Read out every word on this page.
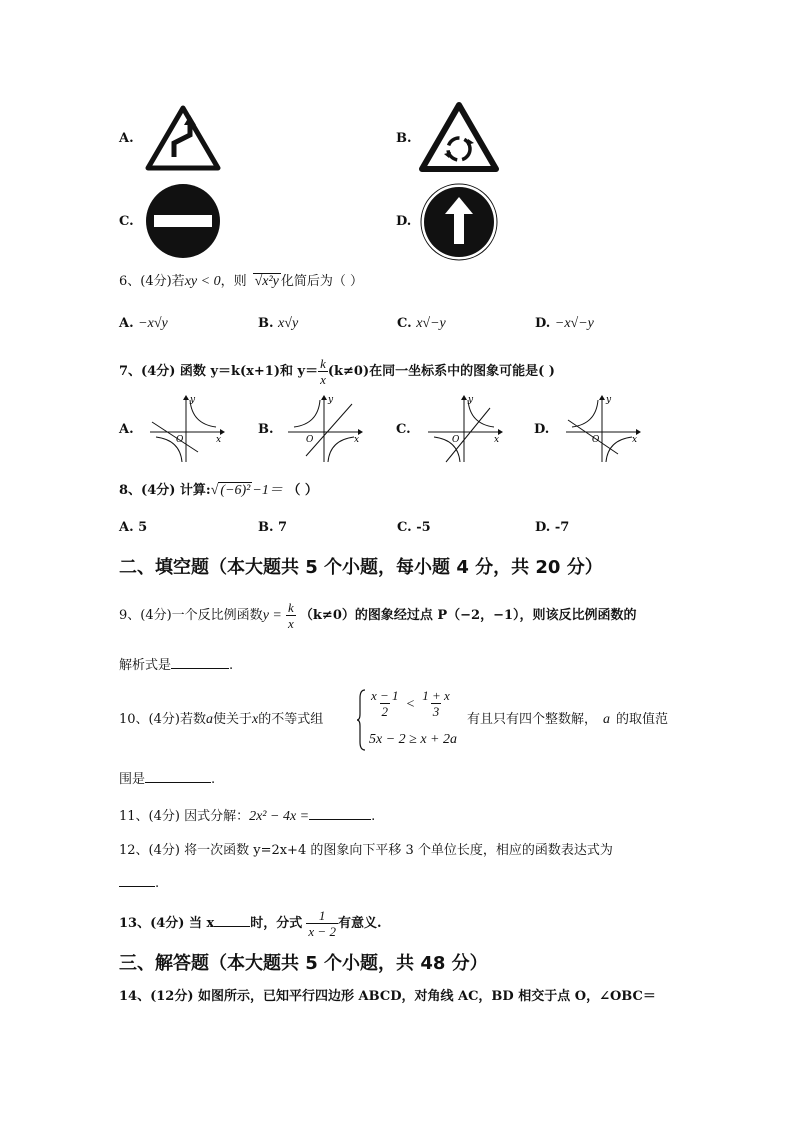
A.	B.
C.	D.
6、(4分)若xy < 0，则 √x²y 化简后为（ ）
A. −x√y	B. x√y	C. x√−y	D. −x√−y
7、(4分) 函数 y＝k(x+1)和 $y= \frac{k}{x} (k\ne 0)$在同一坐标系中的图象可能是( )
A.
O	x
y
B.
O	x
y
C.
O	x
y
D.
O	x
y
8、(4分) 计算:√ (−6)² −1＝ （ ）
A. 5	B. 7	C. -5	D. -7
二、填空题（本大题共 5 个小题，每小题 4 分，共 20 分）
9、(4分)一个反比例函数$y = \frac{k}{x} (k\ne 0)$的图象经过点 P（−2，−1），则该反比例函数的
解析式是	.
10、(4分)若数a使关于x的不等式组
$\frac{x - 1}{2} < \frac{1 + x}{3}$
5x − 2 ≥ x + 2a
有且只有四个整数解， a 的取值范
围是	.
11、(4分) 因式分解：2x² − 4x =	.
12、(4分) 将一次函数 y=2x+4 的图象向下平移 3 个单位长度，相应的函数表达式为
.
13、(4分) 当 x	时，分式 $\frac{1}{x - 2}$ 有意义.
三、解答题（本大题共 5 个小题，共 48 分）
14、(12分) 如图所示，已知平行四边形 ABCD，对角线 AC，BD 相交于点 O，∠OBC＝
